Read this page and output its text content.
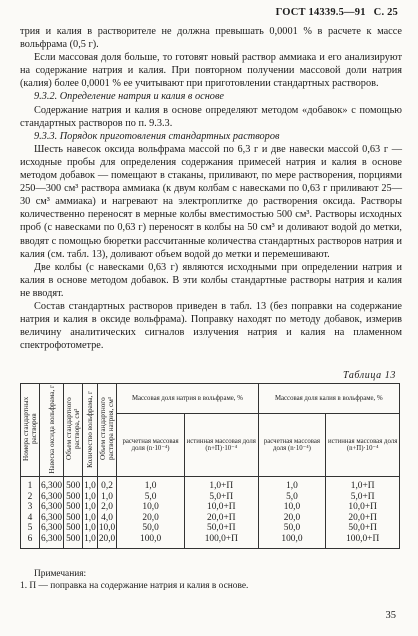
ГОСТ 14339.5—91 С. 25

трия и калия в растворителе не должна превышать 0,0001 % в расчете к массе вольфрама (0,5 г).

Если массовая доля больше, то готовят новый раствор аммиака и его анализируют на содержание натрия и калия. При повторном получении массовой доли натрия (калия) более 0,0001 % ее учитывают при приготовлении стандартных растворов.

9.3.2. Определение натрия и калия в основе

Содержание натрия и калия в основе определяют методом «добавок» с помощью стандартных растворов по п. 9.3.3.

9.3.3. Порядок приготовления стандартных растворов

Шесть навесок оксида вольфрама массой по 6,3 г и две навески массой 0,63 г — исходные пробы для определения содержания примесей натрия и калия в основе методом добавок — помещают в стаканы, приливают, по мере растворения, порциями 250—300 см³ раствора аммиака (к двум колбам с навесками по 0,63 г приливают 25—30 см³ аммиака) и нагревают на электроплитке до растворения оксида. Растворы количественно переносят в мерные колбы вместимостью 500 см³. Растворы исходных проб (с навесками по 0,63 г) переносят в колбы на 50 см³ и доливают водой до метки, вводят с помощью бюретки рассчитанные количества стандартных растворов натрия и калия (см. табл. 13), доливают объем водой до метки и перемешивают.

Две колбы (с навесками 0,63 г) являются исходными при определении натрия и калия в основе методом добавок. В эти колбы стандартные растворы натрия и калия не вводят.

Состав стандартных растворов приведен в табл. 13 (без поправки на содержание натрия и калия в оксиде вольфрама). Поправку находят по методу добавок, измерив величину аналитических сигналов излучения натрия и калия на пламенном спектрофотометре.

Таблица 13
Номера стандартных растворов	Навеска оксида вольфрама, г	Объем стандартного раствора, см³	Количество вольфрама, г	Объем стандартного раствора натрия, см³	Массовая доля натрия в вольфраме, %		Массовая доля калия в вольфраме, %	
					расчетная массовая доля (n·10⁻⁴)	истинная массовая доля (n+П)·10⁻⁴	расчетная массовая доля (n·10⁻⁴)	истинная массовая доля (n+П)·10⁻⁴
1	6,300	500	1,0	0,2	1,0	1,0+П	1,0	1,0+П
2	6,300	500	1,0	1,0	5,0	5,0+П	5,0	5,0+П
3	6,300	500	1,0	2,0	10,0	10,0+П	10,0	10,0+П
4	6,300	500	1,0	4,0	20,0	20,0+П	20,0	20,0+П
5	6,300	500	1,0	10,0	50,0	50,0+П	50,0	50,0+П
6	6,300	500	1,0	20,0	100,0	100,0+П	100,0	100,0+П

Примечания:

1. П — поправка на содержание натрия и калия в основе.

35
